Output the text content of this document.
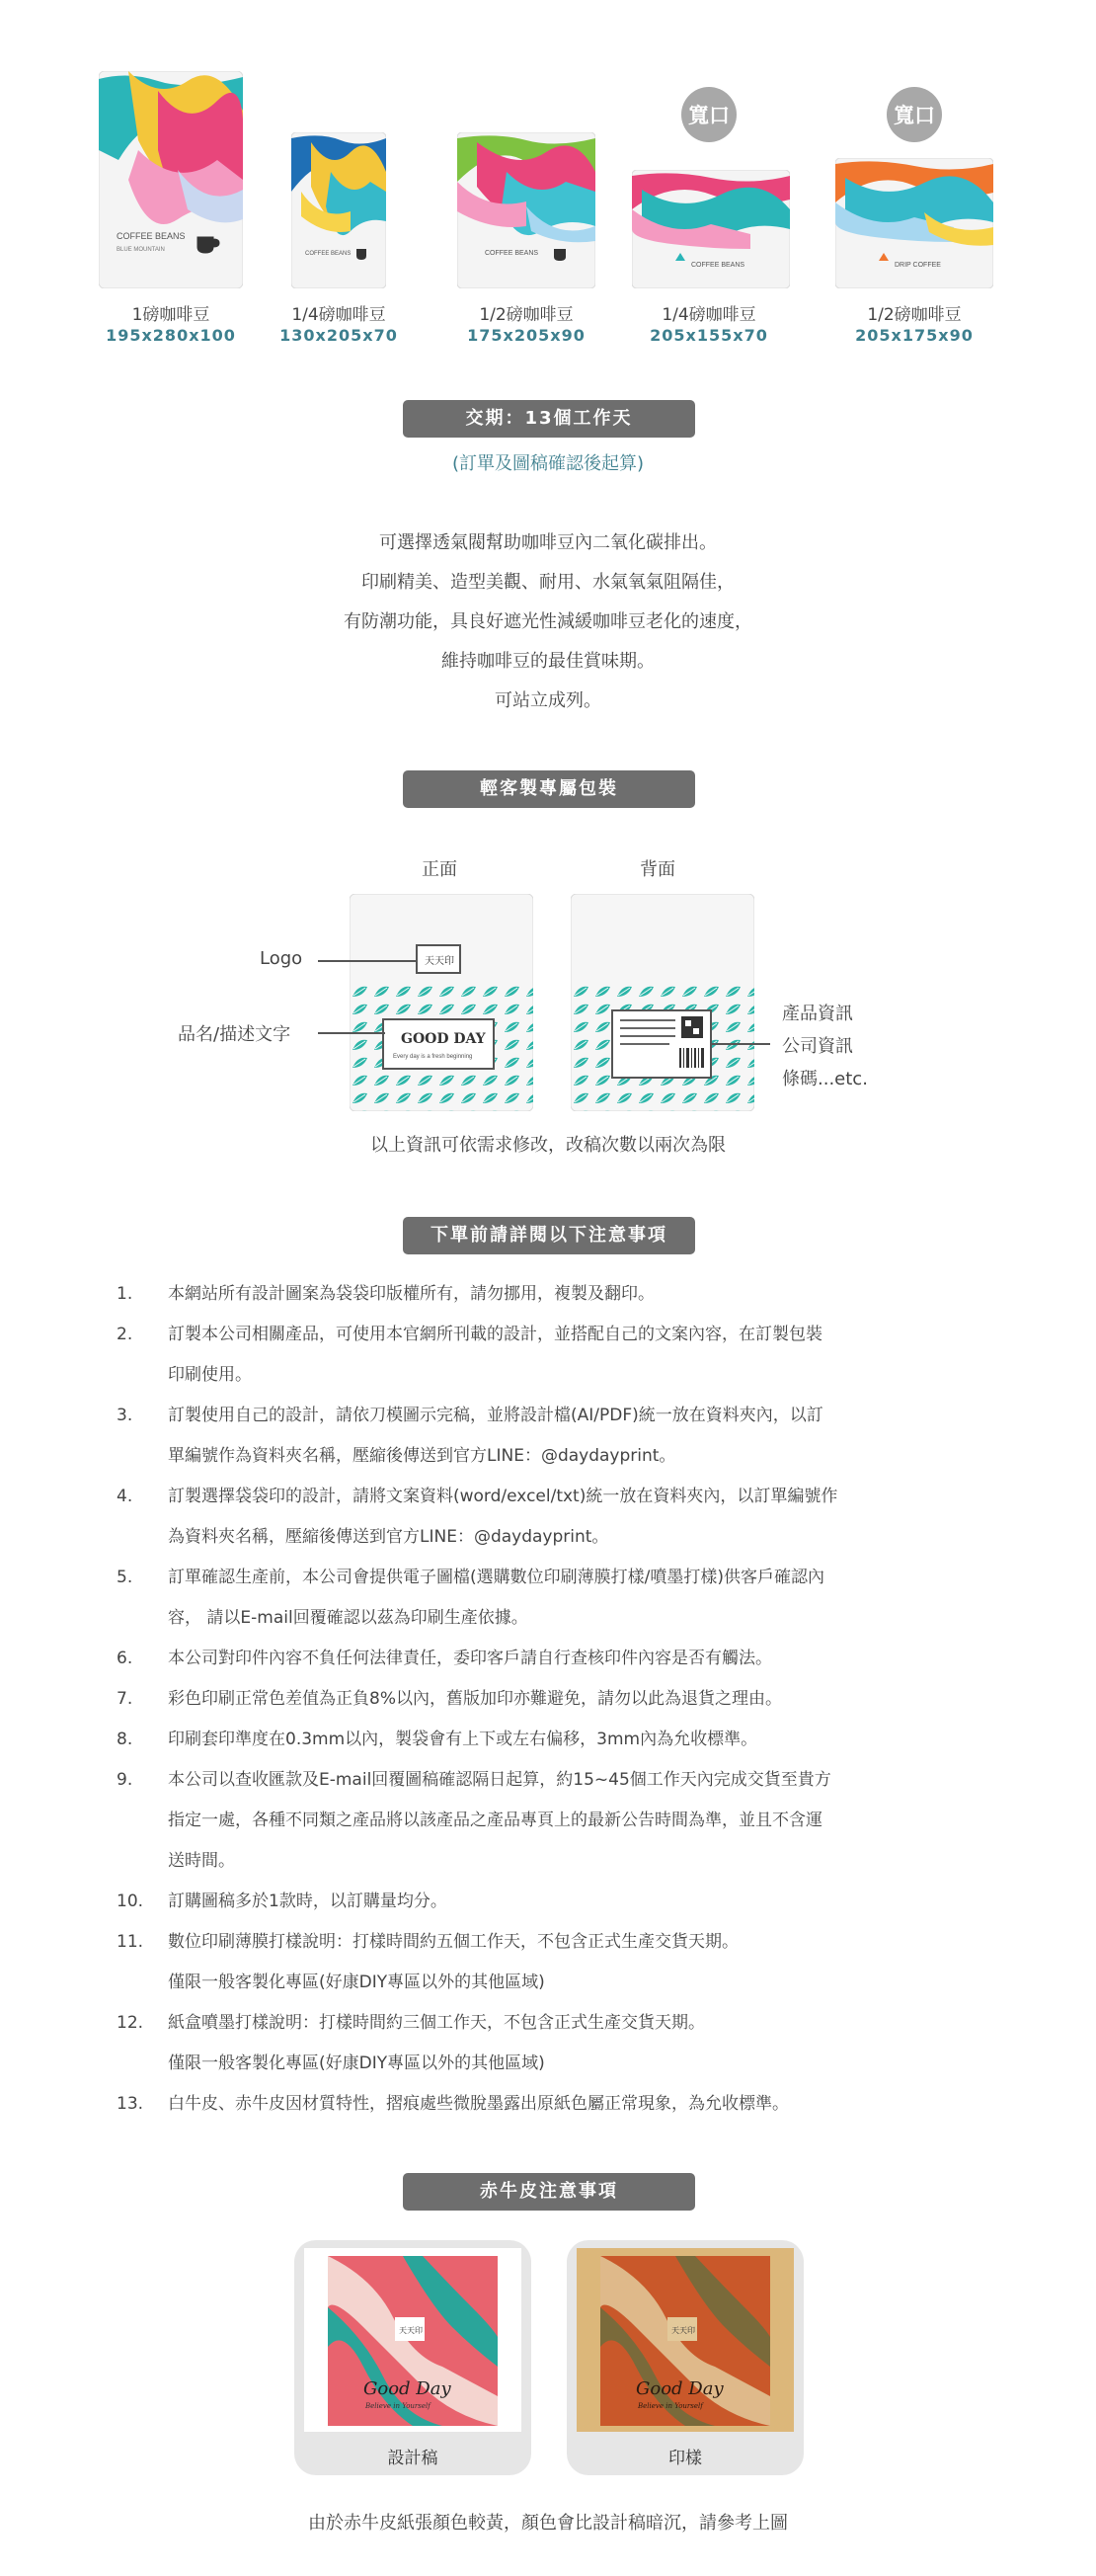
COFFEE BEANS
BLUE MOUNTAIN
1磅咖啡豆
195x280x100
COFFEE BEANS
1/4磅咖啡豆
130x205x70
COFFEE BEANS
1/2磅咖啡豆
175x205x90
寬口
COFFEE BEANS
1/4磅咖啡豆
205x155x70
寬口
DRIP COFFEE
1/2磅咖啡豆
205x175x90
交期：13個工作天
(訂單及圖稿確認後起算)
可選擇透氣閥幫助咖啡豆內二氧化碳排出。
印刷精美、造型美觀、耐用、水氣氧氣阻隔佳，
有防潮功能，具良好遮光性減緩咖啡豆老化的速度，
維持咖啡豆的最佳賞味期。
可站立成列。
輕客製專屬包裝
正面	背面
天天印
GOOD DAY
Every day is a fresh beginning
Logo
品名/描述文字
產品資訊
公司資訊
條碼...etc.
以上資訊可依需求修改，改稿次數以兩次為限
下單前請詳閱以下注意事項
1.	本網站所有設計圖案為袋袋印版權所有，請勿挪用，複製及翻印。
2.	訂製本公司相關產品，可使用本官網所刊載的設計，並搭配自己的文案內容，在訂製包裝
印刷使用。
3.	訂製使用自己的設計，請依刀模圖示完稿，並將設計檔(AI/PDF)統一放在資料夾內，以訂
單編號作為資料夾名稱，壓縮後傳送到官方LINE：@daydayprint。
4.	訂製選擇袋袋印的設計，請將文案資料(word/excel/txt)統一放在資料夾內，以訂單編號作
為資料夾名稱，壓縮後傳送到官方LINE：@daydayprint。
5.	訂單確認生產前，本公司會提供電子圖檔(選購數位印刷薄膜打樣/噴墨打樣)供客戶確認內
容， 請以E-mail回覆確認以茲為印刷生產依據。
6.	本公司對印件內容不負任何法律責任，委印客戶請自行查核印件內容是否有觸法。
7.	彩色印刷正常色差值為正負8%以內，舊版加印亦難避免，請勿以此為退貨之理由。
8.	印刷套印準度在0.3mm以內，製袋會有上下或左右偏移，3mm內為允收標準。
9.	本公司以查收匯款及E-mail回覆圖稿確認隔日起算，約15~45個工作天內完成交貨至貴方
指定一處，各種不同類之產品將以該產品之產品專頁上的最新公告時間為準，並且不含運
送時間。
10.	訂購圖稿多於1款時，以訂購量均分。
11.	數位印刷薄膜打樣說明：打樣時間約五個工作天，不包含正式生產交貨天期。
僅限一般客製化專區(好康DIY專區以外的其他區域)
12.	紙盒噴墨打樣說明：打樣時間約三個工作天，不包含正式生產交貨天期。
僅限一般客製化專區(好康DIY專區以外的其他區域)
13.	白牛皮、赤牛皮因材質特性，摺痕處些微脫墨露出原紙色屬正常現象，為允收標準。
赤牛皮注意事項
天天印
Good Day
Believe in Yourself
設計稿
天天印
Good Day
Believe in Yourself
印樣
由於赤牛皮紙張顏色較黃，顏色會比設計稿暗沉，請參考上圖
